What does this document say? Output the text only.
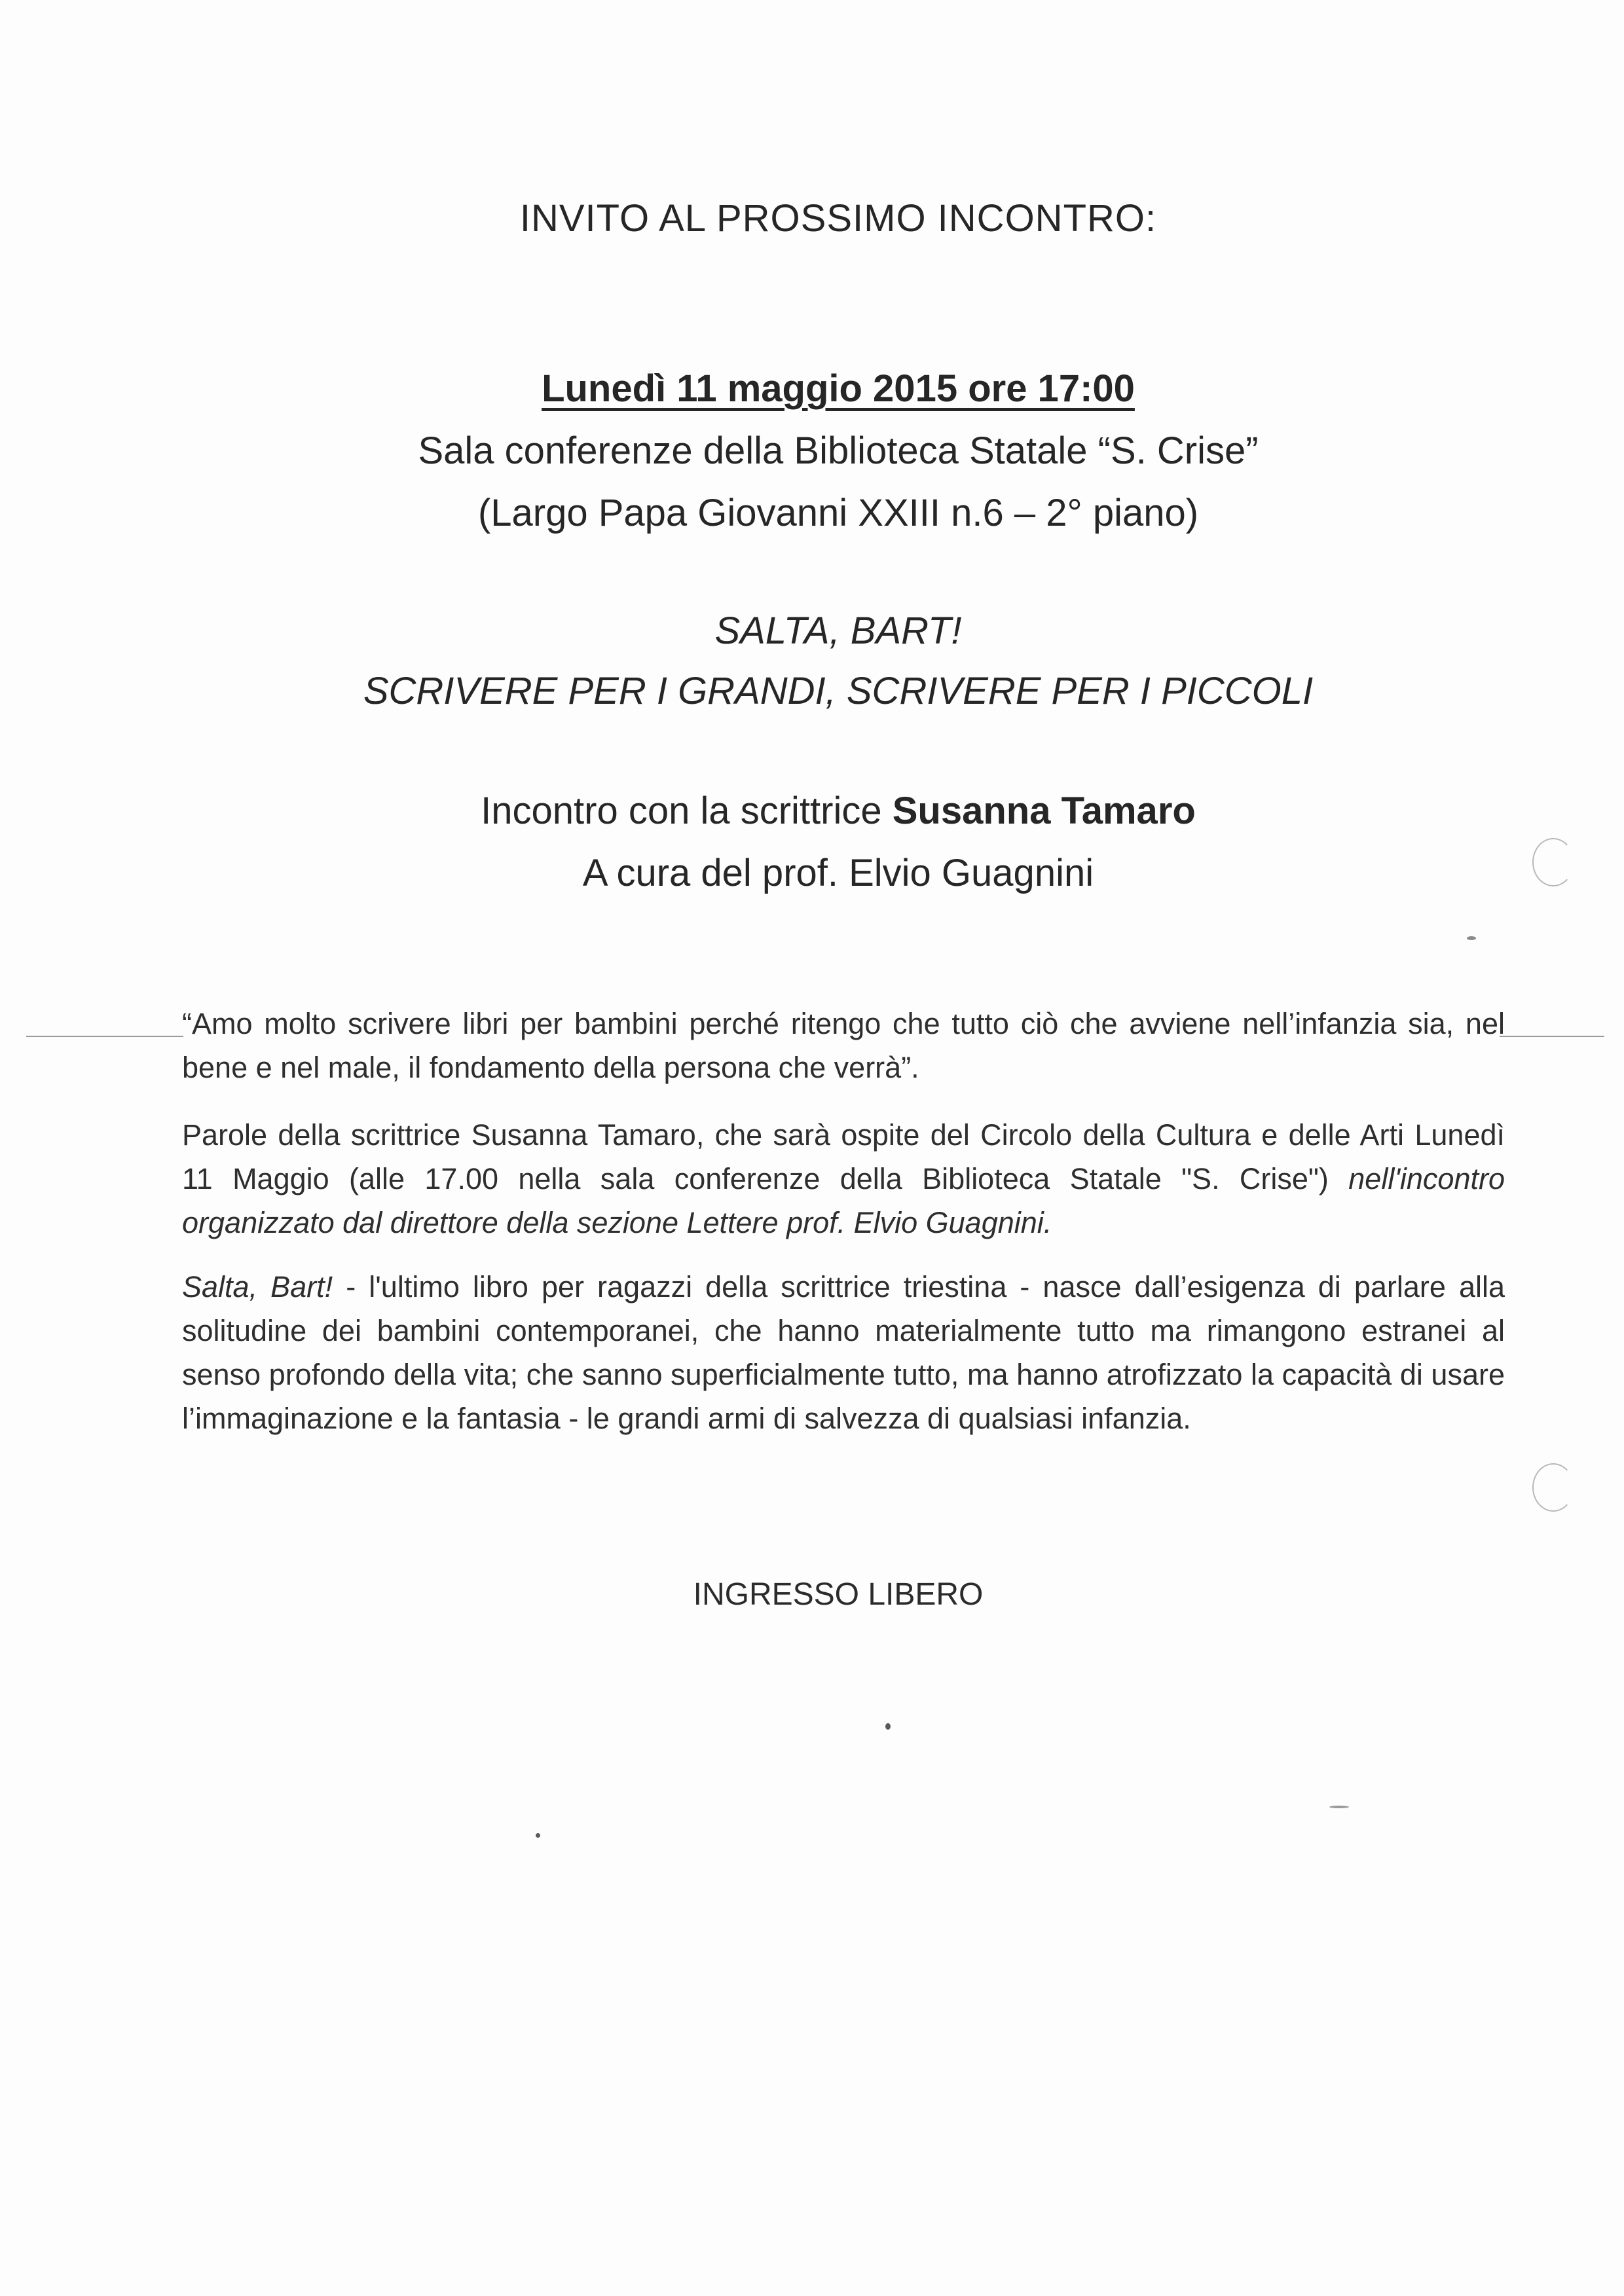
INVITO AL PROSSIMO INCONTRO:
Lunedì 11 maggio 2015 ore 17:00
Sala conferenze della Biblioteca Statale “S. Crise”
(Largo Papa Giovanni XXIII n.6 – 2° piano)
SALTA, BART!
SCRIVERE PER I GRANDI, SCRIVERE PER I PICCOLI
Incontro con la scrittrice Susanna Tamaro
A cura del prof. Elvio Guagnini
“Amo molto scrivere libri per bambini perché ritengo che tutto ciò che avviene nell’infanzia sia, nel bene e nel male, il fondamento della persona che verrà”.
Parole della scrittrice Susanna Tamaro, che sarà ospite del Circolo della Cultura e delle Arti Lunedì 11 Maggio (alle 17.00 nella sala conferenze della Biblioteca Statale "S. Crise") nell'incontro organizzato dal direttore della sezione Lettere prof. Elvio Guagnini.
Salta, Bart! - l'ultimo libro per ragazzi della scrittrice triestina - nasce dall’esigenza di parlare alla solitudine dei bambini contemporanei, che hanno materialmente tutto ma rimangono estranei al senso profondo della vita; che sanno superficialmente tutto, ma hanno atrofizzato la capacità di usare l’immaginazione e la fantasia - le grandi armi di salvezza di qualsiasi infanzia.
INGRESSO LIBERO
